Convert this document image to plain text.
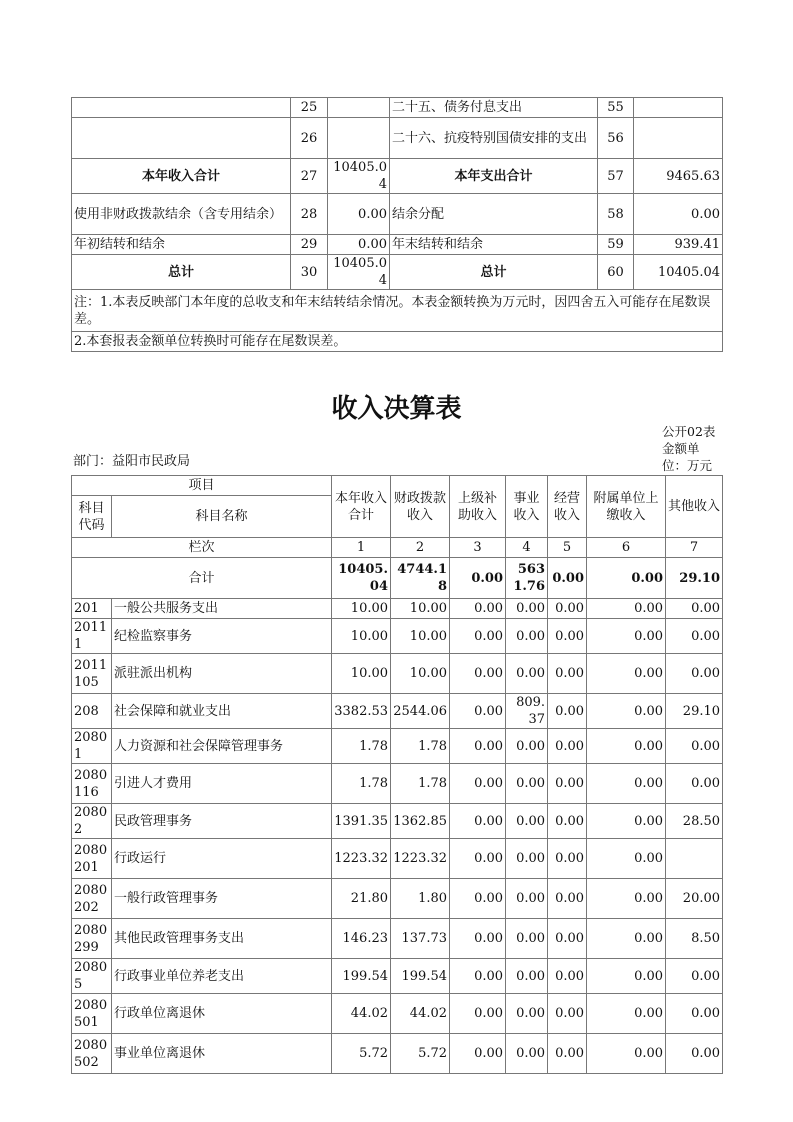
	25		二十五、债务付息支出	55	
	26		二十六、抗疫特别国债安排的支出	56	
本年收入合计	27	10405.04	本年支出合计	57	9465.63
使用非财政拨款结余（含专用结余）	28	0.00	结余分配	58	0.00
年初结转和结余	29	0.00	年末结转和结余	59	939.41
总计	30	10405.04	总计	60	10405.04
注：1.本表反映部门本年度的总收支和年末结转结余情况。本表金额转换为万元时，因四舍五入可能存在尾数误差。					
2.本套报表金额单位转换时可能存在尾数误差。					
收入决算表
部门：益阳市民政局
公开02表
金额单位：万元
项目		本年收入合计	财政拨款收入	上级补助收入	事业收入	经营收入	附属单位上缴收入	其他收入
科目代码	科目名称							
栏次		1	2	3	4	5	6	7
合计		10405.04	4744.18	0.00	5631.76	0.00	0.00	29.10
201	一般公共服务支出	10.00	10.00	0.00	0.00	0.00	0.00	0.00
20111	纪检监察事务	10.00	10.00	0.00	0.00	0.00	0.00	0.00
2011105	派驻派出机构	10.00	10.00	0.00	0.00	0.00	0.00	0.00
208	社会保障和就业支出	3382.53	2544.06	0.00	809.37	0.00	0.00	29.10
20801	人力资源和社会保障管理事务	1.78	1.78	0.00	0.00	0.00	0.00	0.00
2080116	引进人才费用	1.78	1.78	0.00	0.00	0.00	0.00	0.00
20802	民政管理事务	1391.35	1362.85	0.00	0.00	0.00	0.00	28.50
2080201	行政运行	1223.32	1223.32	0.00	0.00	0.00	0.00	
2080202	一般行政管理事务	21.80	1.80	0.00	0.00	0.00	0.00	20.00
2080299	其他民政管理事务支出	146.23	137.73	0.00	0.00	0.00	0.00	8.50
20805	行政事业单位养老支出	199.54	199.54	0.00	0.00	0.00	0.00	0.00
2080501	行政单位离退休	44.02	44.02	0.00	0.00	0.00	0.00	0.00
2080502	事业单位离退休	5.72	5.72	0.00	0.00	0.00	0.00	0.00
